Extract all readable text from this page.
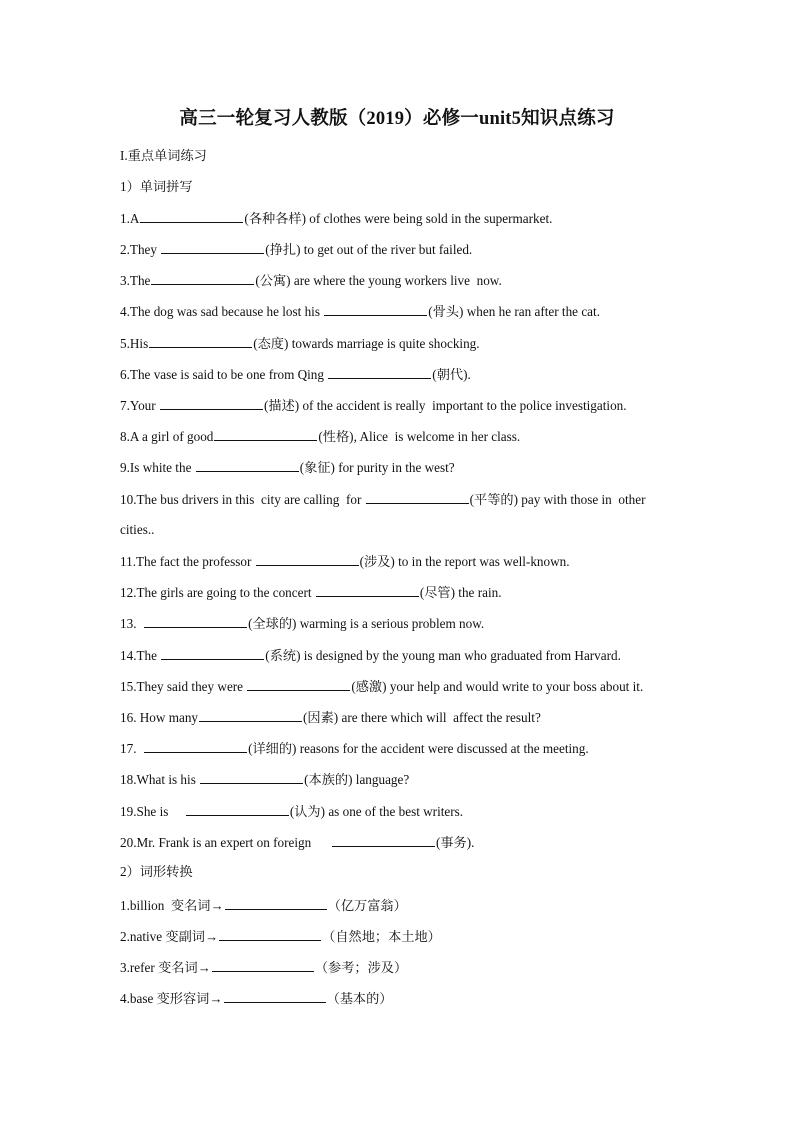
高三一轮复习人教版（2019）必修一unit5知识点练习
I.重点单词练习
1）单词拼写
1.A	(各种各样) of clothes were being sold in the supermarket.
2.They	(挣扎) to get out of the river but failed.
3.The	(公寓) are where the young workers live  now.
4.The dog was sad because he lost his	(骨头) when he ran after the cat.
5.His	(态度) towards marriage is quite shocking.
6.The vase is said to be one from Qing	(朝代).
7.Your	(描述) of the accident is really  important to the police investigation.
8.A a girl of good	(性格), Alice  is welcome in her class.
9.Is white the	(象征) for purity in the west?
10.The bus drivers in this  city are calling  for	(平等的) pay with those in  other
11.The fact the professor	(涉及) to in the report was well-known.
12.The girls are going to the concert	(尽管) the rain.
13.	(全球的) warming is a serious problem now.
14.The	(系统) is designed by the young man who graduated from Harvard.
15.They said they were	(感激) your help and would write to your boss about it.
16. How many	(因素) are there which will  affect the result?
17.	(详细的) reasons for the accident were discussed at the meeting.
18.What is his	(本族的) language?
19.She is	(认为) as one of the best writers.
20.Mr. Frank is an expert on foreign	(事务).
cities..
2）词形转换
1.billion  变名词→	（亿万富翁）
2.native 变副词→	（自然地；本土地）
3.refer 变名词→	（参考；涉及）
4.base 变形容词→	（基本的）
